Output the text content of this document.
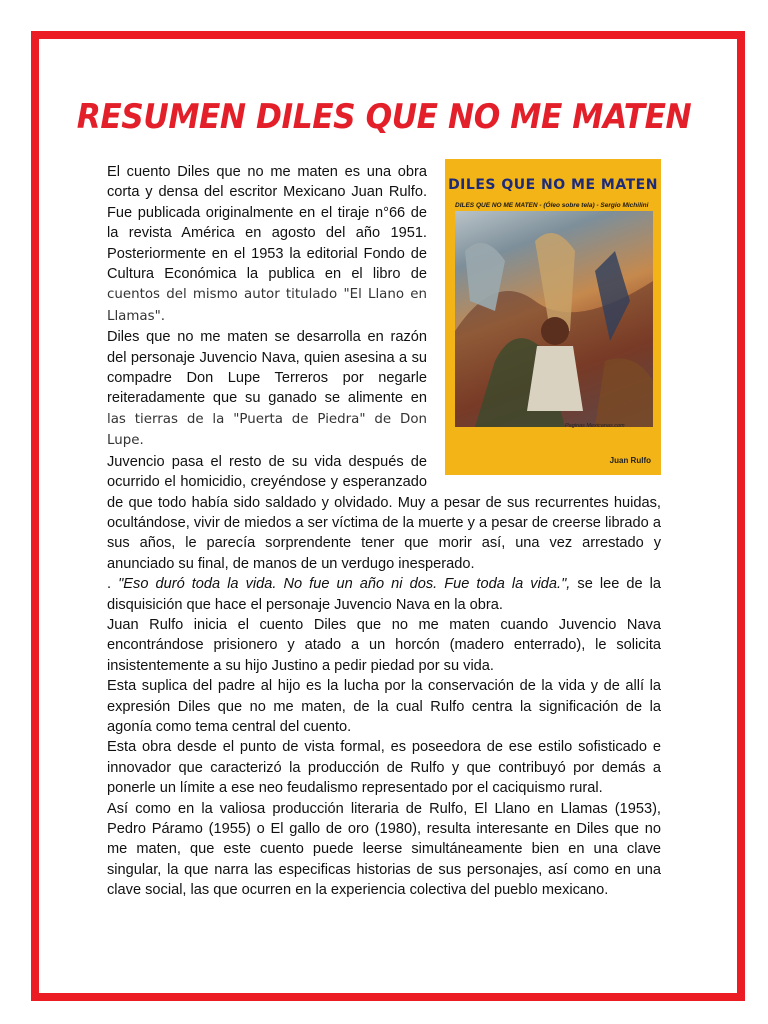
RESUMEN DILES QUE NO ME MATEN
DILES QUE NO ME MATEN
DILES QUE NO ME MATEN - (Óleo sobre tela) - Sergio Michilini
Paginas Mexicanas.com
Juan Rulfo

El cuento Diles que no me maten es una obra corta y densa del escritor Mexicano Juan Rulfo. Fue publicada originalmente en el tiraje n°66 de la revista América en agosto del año 1951. Posteriormente en el 1953 la editorial Fondo de Cultura Económica la publica en el libro de cuentos del mismo autor titulado "El Llano en Llamas".

Diles que no me maten se desarrolla en razón del personaje Juvencio Nava, quien asesina a su compadre Don Lupe Terreros por negarle reiteradamente que su ganado se alimente en las tierras de la "Puerta de Piedra" de Don Lupe.
Juvencio pasa el resto de su vida después de ocurrido el homicidio, creyéndose y esperanzado de que todo había sido saldado y olvidado. Muy a pesar de sus recurrentes huidas, ocultándose, vivir de miedos a ser víctima de la muerte y a pesar de creerse librado a sus años, le parecía sorprendente tener que morir así, una vez arrestado y anunciado su final, de manos de un verdugo inesperado.

. "Eso duró toda la vida. No fue un año ni dos. Fue toda la vida.", se lee de la disquisición que hace el personaje Juvencio Nava en la obra.

Juan Rulfo inicia el cuento Diles que no me maten cuando Juvencio Nava encontrándose prisionero y atado a un horcón (madero enterrado), le solicita insistentemente a su hijo Justino a pedir piedad por su vida.

Esta suplica del padre al hijo es la lucha por la conservación de la vida y de allí la expresión Diles que no me maten, de la cual Rulfo centra la significación de la agonía como tema central del cuento.

Esta obra desde el punto de vista formal, es poseedora de ese estilo sofisticado e innovador que caracterizó la producción de Rulfo y que contribuyó por demás a ponerle un límite a ese neo feudalismo representado por el caciquismo rural.

Así como en la valiosa producción literaria de Rulfo, El Llano en Llamas (1953), Pedro Páramo (1955) o El gallo de oro (1980), resulta interesante en Diles que no me maten, que este cuento puede leerse simultáneamente bien en una clave singular, la que narra las especificas historias de sus personajes, así como en una clave social, las que ocurren en la experiencia colectiva del pueblo mexicano.
